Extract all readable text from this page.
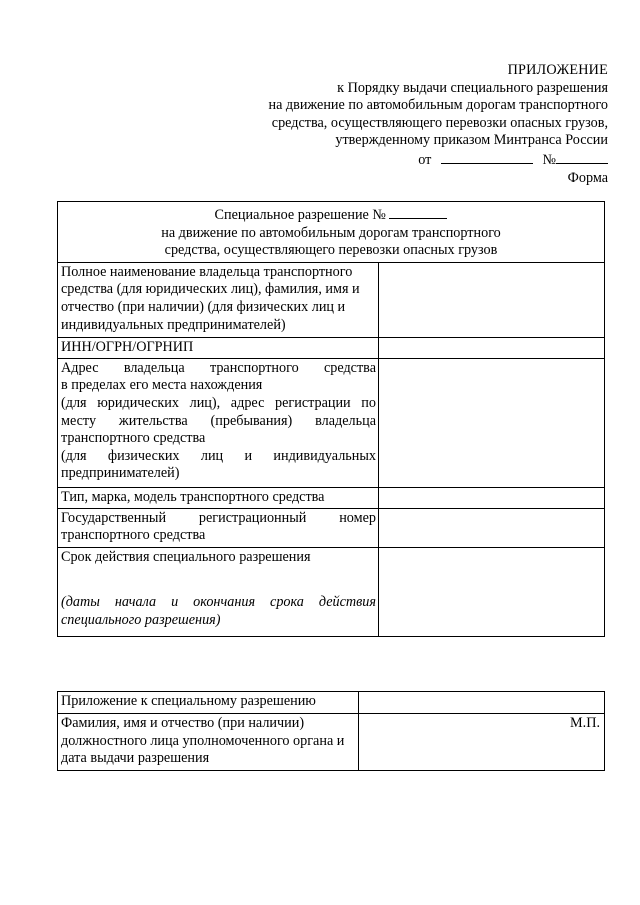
ПРИЛОЖЕНИЕ
к Порядку выдачи специального разрешения
на движение по автомобильным дорогам транспортного
средства, осуществляющего перевозки опасных грузов,
утвержденному приказом Минтранса России
от	№
Форма
Специальное разрешение №
на движение по автомобильным дорогам транспортного
средства, осуществляющего перевозки опасных грузов	

Полное наименование владельца транспортного средства (для юридических лиц), фамилия, имя и отчество (при наличии) (для физических лиц и индивидуальных предпринимателей)	
ИНН/ОГРН/ОГРНИП	

Адрес владельца транспортного средства
в пределах его места нахождения
(для юридических лиц), адрес регистрации по месту жительства (пребывания) владельца транспортного средства
(для физических лиц и индивидуальных предпринимателей)	

Тип, марка, модель транспортного средства	
Государственный регистрационный номер транспортного средства	

Срок действия специального разрешения
(даты начала и окончания срока действия специального разрешения)	

Приложение к специальному разрешению	
Фамилия, имя и отчество (при наличии) должностного лица уполномоченного органа и дата выдачи разрешения	М.П.
